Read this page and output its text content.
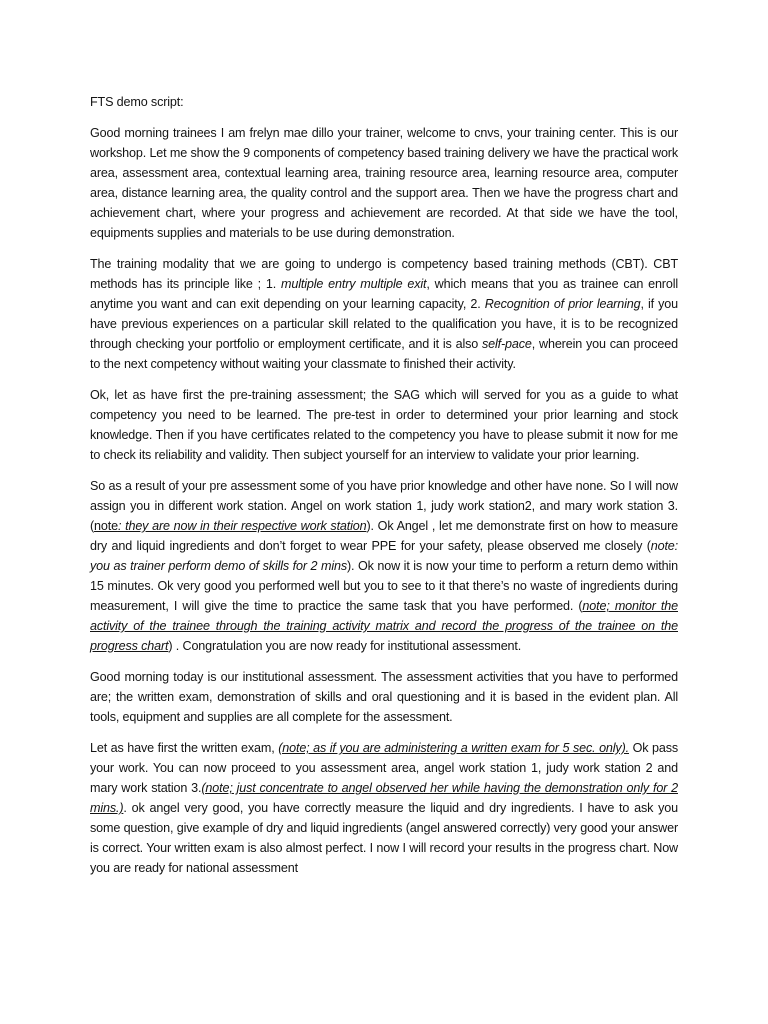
FTS demo script:

Good morning trainees I am frelyn mae dillo your trainer, welcome to cnvs, your training center. This is our workshop. Let me show the 9 components of competency based training delivery we have the practical work area, assessment area, contextual learning area, training resource area, learning resource area, computer area, distance learning area, the quality control and the support area. Then we have the progress chart and achievement chart, where your progress and achievement are recorded. At that side we have the tool, equipments supplies and materials to be use during demonstration.

The training modality that we are going to undergo is competency based training methods (CBT). CBT methods has its principle like ; 1. multiple entry multiple exit, which means that you as trainee can enroll anytime you want and can exit depending on your learning capacity, 2. Recognition of prior learning, if you have previous experiences on a particular skill related to the qualification you have, it is to be recognized through checking your portfolio or employment certificate, and it is also self-pace, wherein you can proceed to the next competency without waiting your classmate to finished their activity.

Ok, let as have first the pre-training assessment; the SAG which will served for you as a guide to what competency you need to be learned. The pre-test in order to determined your prior learning and stock knowledge. Then if you have certificates related to the competency you have to please submit it now for me to check its reliability and validity. Then subject yourself for an interview to validate your prior learning.

So as a result of your pre assessment some of you have prior knowledge and other have none. So I will now assign you in different work station. Angel on work station 1, judy work station2, and mary work station 3. (note: they are now in their respective work station). Ok Angel , let me demonstrate first on how to measure dry and liquid ingredients and don’t forget to wear PPE for your safety, please observed me closely (note: you as trainer perform demo of skills for 2 mins). Ok now it is now your time to perform a return demo within 15 minutes. Ok very good you performed well but you to see to it that there’s no waste of ingredients during measurement, I will give the time to practice the same task that you have performed. (note; monitor the activity of the trainee through the training activity matrix and record the progress of the trainee on the progress chart) . Congratulation you are now ready for institutional assessment.

Good morning today is our institutional assessment. The assessment activities that you have to performed are; the written exam, demonstration of skills and oral questioning and it is based in the evident plan. All tools, equipment and supplies are all complete for the assessment.

Let as have first the written exam, (note; as if you are administering a written exam for 5 sec. only). Ok pass your work. You can now proceed to you assessment area, angel work station 1, judy work station 2 and mary work station 3.(note; just concentrate to angel observed her while having the demonstration only for 2 mins.). ok angel very good, you have correctly measure the liquid and dry ingredients. I have to ask you some question, give example of dry and liquid ingredients (angel answered correctly) very good your answer is correct. Your written exam is also almost perfect. I now I will record your results in the progress chart. Now you are ready for national assessment
